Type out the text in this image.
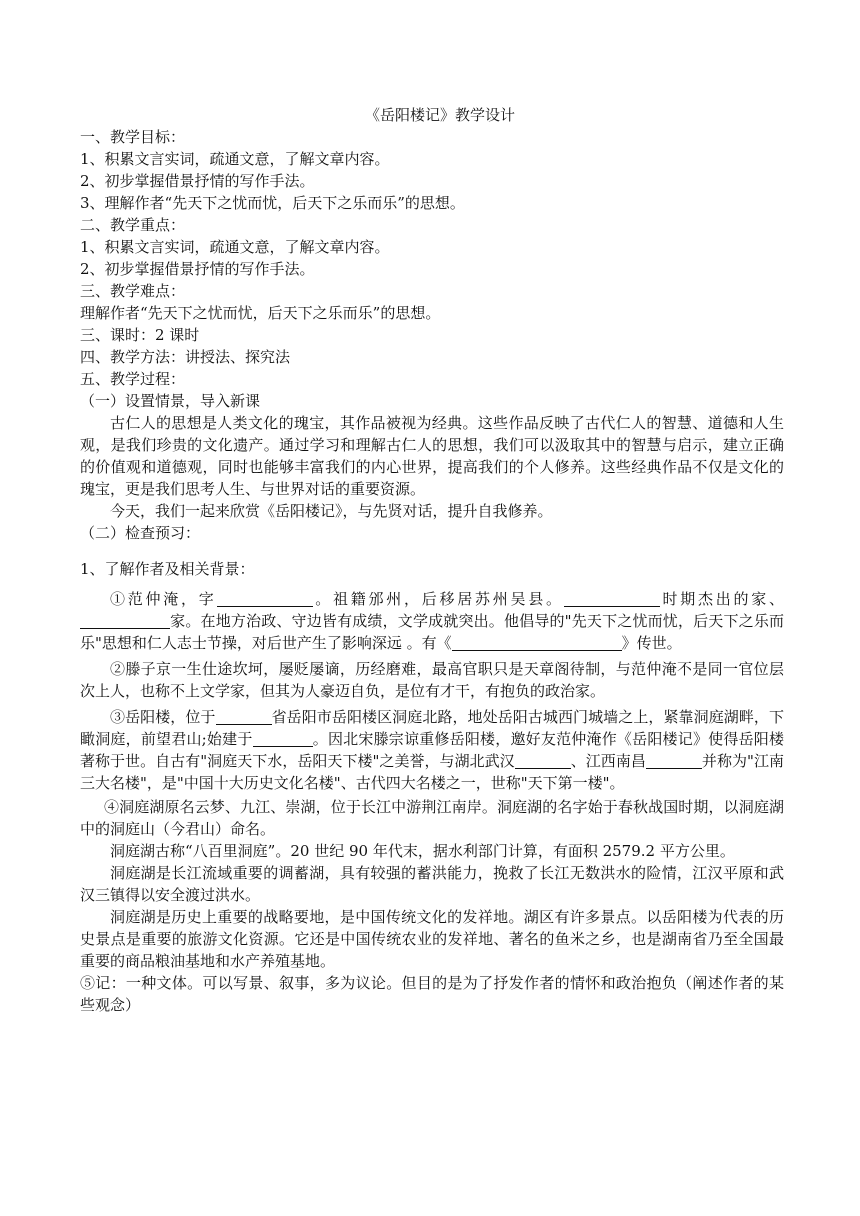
《岳阳楼记》教学设计
一、教学目标：
1、积累文言实词，疏通文意，了解文章内容。
2、初步掌握借景抒情的写作手法。
3、理解作者“先天下之忧而忧，后天下之乐而乐”的思想。
二、教学重点：
1、积累文言实词，疏通文意，了解文章内容。
2、初步掌握借景抒情的写作手法。
三、教学难点：
理解作者“先天下之忧而忧，后天下之乐而乐”的思想。
三、课时：2 课时
四、教学方法：讲授法、探究法
五、教学过程：
（一）设置情景，导入新课
古仁人的思想是人类文化的瑰宝，其作品被视为经典。这些作品反映了古代仁人的智慧、道德和人生观，是我们珍贵的文化遗产。通过学习和理解古仁人的思想，我们可以汲取其中的智慧与启示，建立正确的价值观和道德观，同时也能够丰富我们的内心世界，提高我们的个人修养。这些经典作品不仅是文化的瑰宝，更是我们思考人生、与世界对话的重要资源。
今天，我们一起来欣赏《岳阳楼记》，与先贤对话，提升自我修养。
（二）检查预习：
1、了解作者及相关背景：
①范仲淹，字	。祖籍邠州，后移居苏州吴县。	时期杰出的家、家。在地方治政、守边皆有成绩，文学成就突出。他倡导的"先天下之忧而忧，后天下之乐而乐"思想和仁人志士节操，对后世产生了影响深远 。有《	》传世。
②滕子京一生仕途坎坷，屡贬屡谪，历经磨难，最高官职只是天章阁待制，与范仲淹不是同一官位层次上人，也称不上文学家，但其为人豪迈自负，是位有才干，有抱负的政治家。
③岳阳楼，位于	省岳阳市岳阳楼区洞庭北路，地处岳阳古城西门城墙之上，紧靠洞庭湖畔，下瞰洞庭，前望君山;始建于	。因北宋滕宗谅重修岳阳楼，邀好友范仲淹作《岳阳楼记》使得岳阳楼著称于世。自古有"洞庭天下水，岳阳天下楼"之美誉，与湖北武汉	、江西南昌	并称为"江南三大名楼"，是"中国十大历史文化名楼"、古代四大名楼之一，世称"天下第一楼"。
④洞庭湖原名云梦、九江、崇湖，位于长江中游荆江南岸。洞庭湖的名字始于春秋战国时期，以洞庭湖中的洞庭山（今君山）命名。
洞庭湖古称“八百里洞庭”。20 世纪 90 年代末，据水利部门计算，有面积 2579.2 平方公里。
洞庭湖是长江流域重要的调蓄湖，具有较强的蓄洪能力，挽救了长江无数洪水的险情，江汉平原和武汉三镇得以安全渡过洪水。
洞庭湖是历史上重要的战略要地，是中国传统文化的发祥地。湖区有许多景点。以岳阳楼为代表的历史景点是重要的旅游文化资源。它还是中国传统农业的发祥地、著名的鱼米之乡，也是湖南省乃至全国最重要的商品粮油基地和水产养殖基地。
⑤记：一种文体。可以写景、叙事，多为议论。但目的是为了抒发作者的情怀和政治抱负（阐述作者的某些观念）
